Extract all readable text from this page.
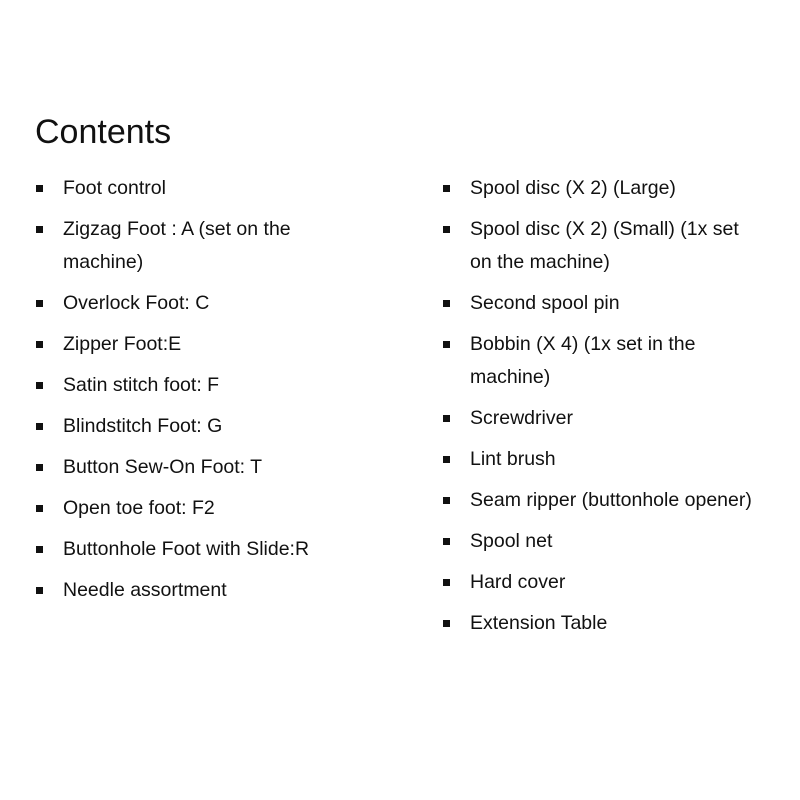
Contents
Foot control
Zigzag Foot : A (set on the machine)
Overlock Foot: C
Zipper Foot:E
Satin stitch foot: F
Blindstitch Foot: G
Button Sew-On Foot: T
Open toe foot: F2
Buttonhole Foot with Slide:R
Needle assortment
Spool disc (X 2) (Large)
Spool disc (X 2) (Small) (1x set on the machine)
Second spool pin
Bobbin (X 4) (1x set in the machine)
Screwdriver
Lint brush
Seam ripper (buttonhole opener)
Spool net
Hard cover
Extension Table
